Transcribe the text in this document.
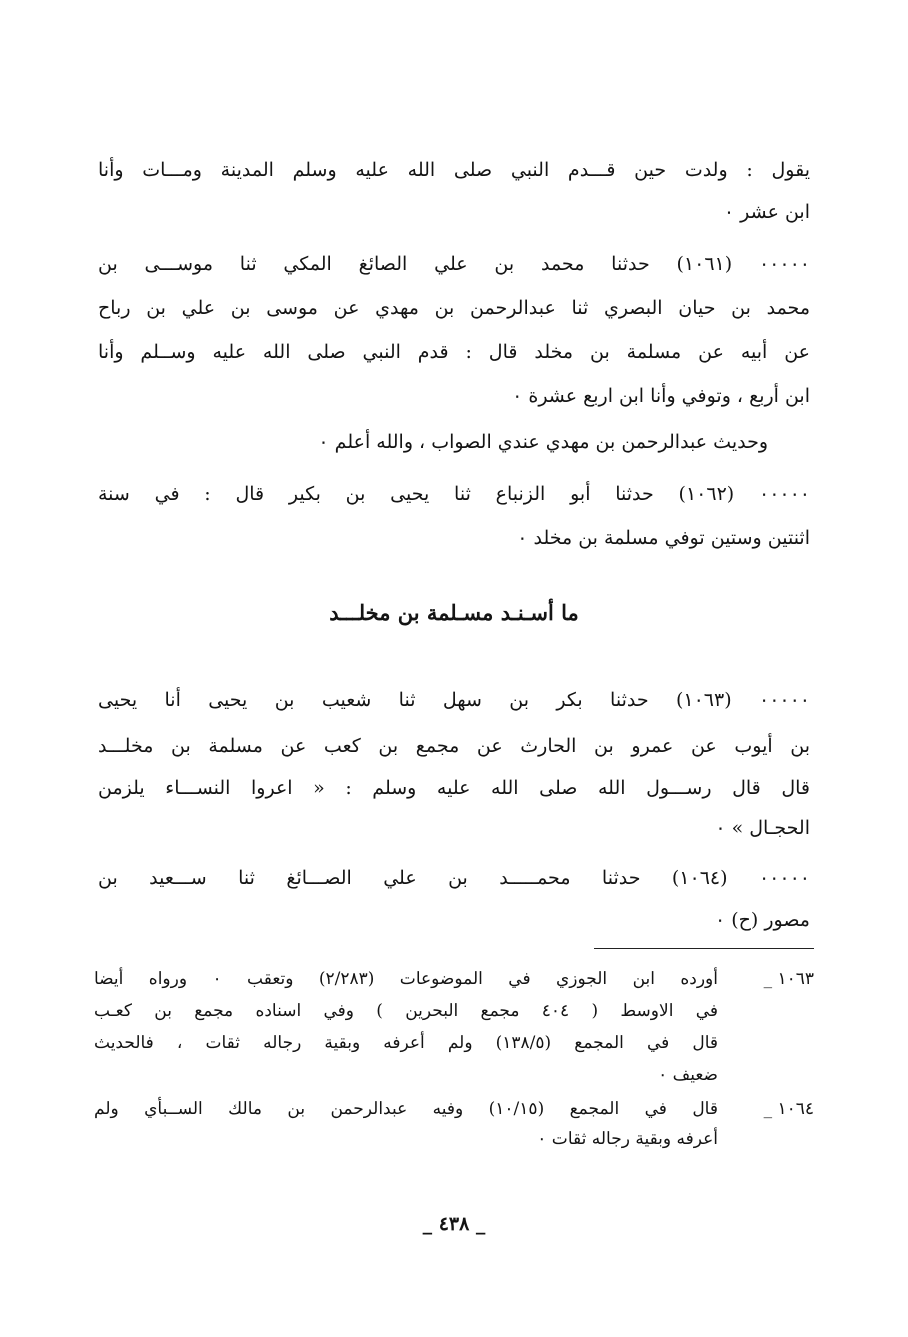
يقول : ولدت حين قـــدم النبي صلى الله عليه وسلم المدينة ومـــات وأنا
ابن عشر ٠
٠٠٠٠٠ (١٠٦١) حدثنا محمد بن علي الصائغ المكي ثنا موســـى بن
محمد بن حيان البصري ثنا عبدالرحمن بن مهدي عن موسى بن علي بن رباح
عن أبيه عن مسلمة بن مخلد قال : قدم النبي صلى الله عليه وســلم وأنا
ابن أربع ، وتوفي وأنا ابن اربع عشرة ٠
وحديث عبدالرحمن بن مهدي عندي الصواب ، والله أعلم ٠
٠٠٠٠٠ (١٠٦٢) حدثنا أبو الزنباع ثنا يحيى بن بكير قال : في سنة
اثنتين وستين توفي مسلمة بن مخلد ٠
ما أسـنـد مسـلمة بن مخلـــد
٠٠٠٠٠ (١٠٦٣) حدثنا بكر بن سهل ثنا شعيب بن يحيى أنا يحيى
بن أيوب عن عمرو بن الحارث عن مجمع بن كعب عن مسلمة بن مخلـــد
قال قال رســـول الله صلى الله عليه وسلم : « اعروا النســـاء يلزمن
الحجـال » ٠
٠٠٠٠٠ (١٠٦٤) حدثنا محمـــــد بن علي الصـــائغ ثنا ســـعيد بن
مصور (ح) ٠
١٠٦٣ _
أورده ابن الجوزي في الموضوعات (٢/٢٨٣) وتعقب ٠ ورواه أيضا
في الاوسط ( ٤٠٤ مجمع البحرين ) وفي اسناده مجمع بن كعـب
قال في المجمع (١٣٨/٥) ولم أعرفه وبقية رجاله ثقات ، فالحديث
ضعيف ٠
١٠٦٤ _
قال في المجمع (١٠/١٥) وفيه عبدالرحمن بن مالك الســبأي ولم
أعرفه وبقية رجاله ثقات ٠
_ ٤٣٨ _
